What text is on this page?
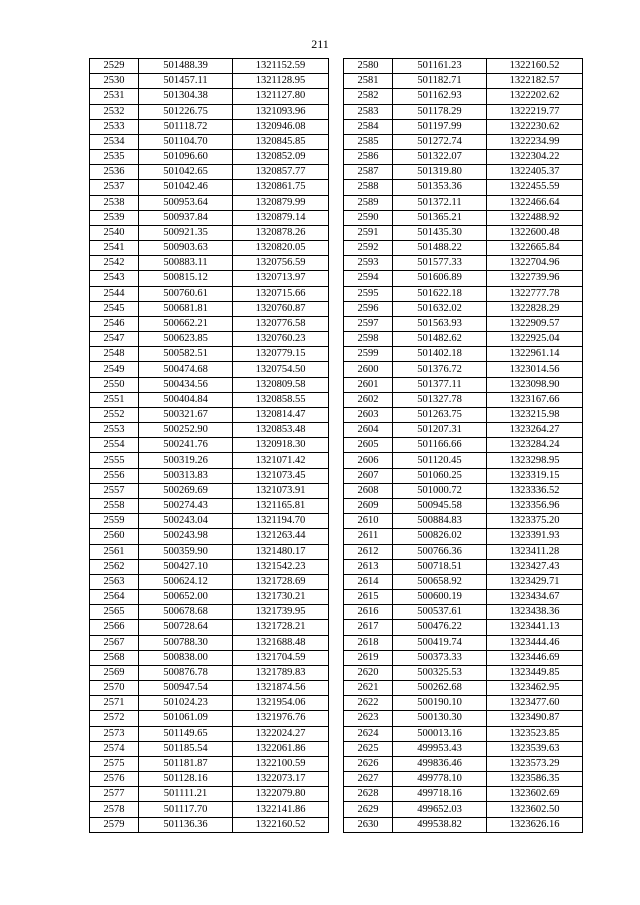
211
2529	501488.39	1321152.59
2530	501457.11	1321128.95
2531	501304.38	1321127.80
2532	501226.75	1321093.96
2533	501118.72	1320946.08
2534	501104.70	1320845.85
2535	501096.60	1320852.09
2536	501042.65	1320857.77
2537	501042.46	1320861.75
2538	500953.64	1320879.99
2539	500937.84	1320879.14
2540	500921.35	1320878.26
2541	500903.63	1320820.05
2542	500883.11	1320756.59
2543	500815.12	1320713.97
2544	500760.61	1320715.66
2545	500681.81	1320760.87
2546	500662.21	1320776.58
2547	500623.85	1320760.23
2548	500582.51	1320779.15
2549	500474.68	1320754.50
2550	500434.56	1320809.58
2551	500404.84	1320858.55
2552	500321.67	1320814.47
2553	500252.90	1320853.48
2554	500241.76	1320918.30
2555	500319.26	1321071.42
2556	500313.83	1321073.45
2557	500269.69	1321073.91
2558	500274.43	1321165.81
2559	500243.04	1321194.70
2560	500243.98	1321263.44
2561	500359.90	1321480.17
2562	500427.10	1321542.23
2563	500624.12	1321728.69
2564	500652.00	1321730.21
2565	500678.68	1321739.95
2566	500728.64	1321728.21
2567	500788.30	1321688.48
2568	500838.00	1321704.59
2569	500876.78	1321789.83
2570	500947.54	1321874.56
2571	501024.23	1321954.06
2572	501061.09	1321976.76
2573	501149.65	1322024.27
2574	501185.54	1322061.86
2575	501181.87	1322100.59
2576	501128.16	1322073.17
2577	501111.21	1322079.80
2578	501117.70	1322141.86
2579	501136.36	1322160.52
2580	501161.23	1322160.52
2581	501182.71	1322182.57
2582	501162.93	1322202.62
2583	501178.29	1322219.77
2584	501197.99	1322230.62
2585	501272.74	1322234.99
2586	501322.07	1322304.22
2587	501319.80	1322405.37
2588	501353.36	1322455.59
2589	501372.11	1322466.64
2590	501365.21	1322488.92
2591	501435.30	1322600.48
2592	501488.22	1322665.84
2593	501577.33	1322704.96
2594	501606.89	1322739.96
2595	501622.18	1322777.78
2596	501632.02	1322828.29
2597	501563.93	1322909.57
2598	501482.62	1322925.04
2599	501402.18	1322961.14
2600	501376.72	1323014.56
2601	501377.11	1323098.90
2602	501327.78	1323167.66
2603	501263.75	1323215.98
2604	501207.31	1323264.27
2605	501166.66	1323284.24
2606	501120.45	1323298.95
2607	501060.25	1323319.15
2608	501000.72	1323336.52
2609	500945.58	1323356.96
2610	500884.83	1323375.20
2611	500826.02	1323391.93
2612	500766.36	1323411.28
2613	500718.51	1323427.43
2614	500658.92	1323429.71
2615	500600.19	1323434.67
2616	500537.61	1323438.36
2617	500476.22	1323441.13
2618	500419.74	1323444.46
2619	500373.33	1323446.69
2620	500325.53	1323449.85
2621	500262.68	1323462.95
2622	500190.10	1323477.60
2623	500130.30	1323490.87
2624	500013.16	1323523.85
2625	499953.43	1323539.63
2626	499836.46	1323573.29
2627	499778.10	1323586.35
2628	499718.16	1323602.69
2629	499652.03	1323602.50
2630	499538.82	1323626.16
